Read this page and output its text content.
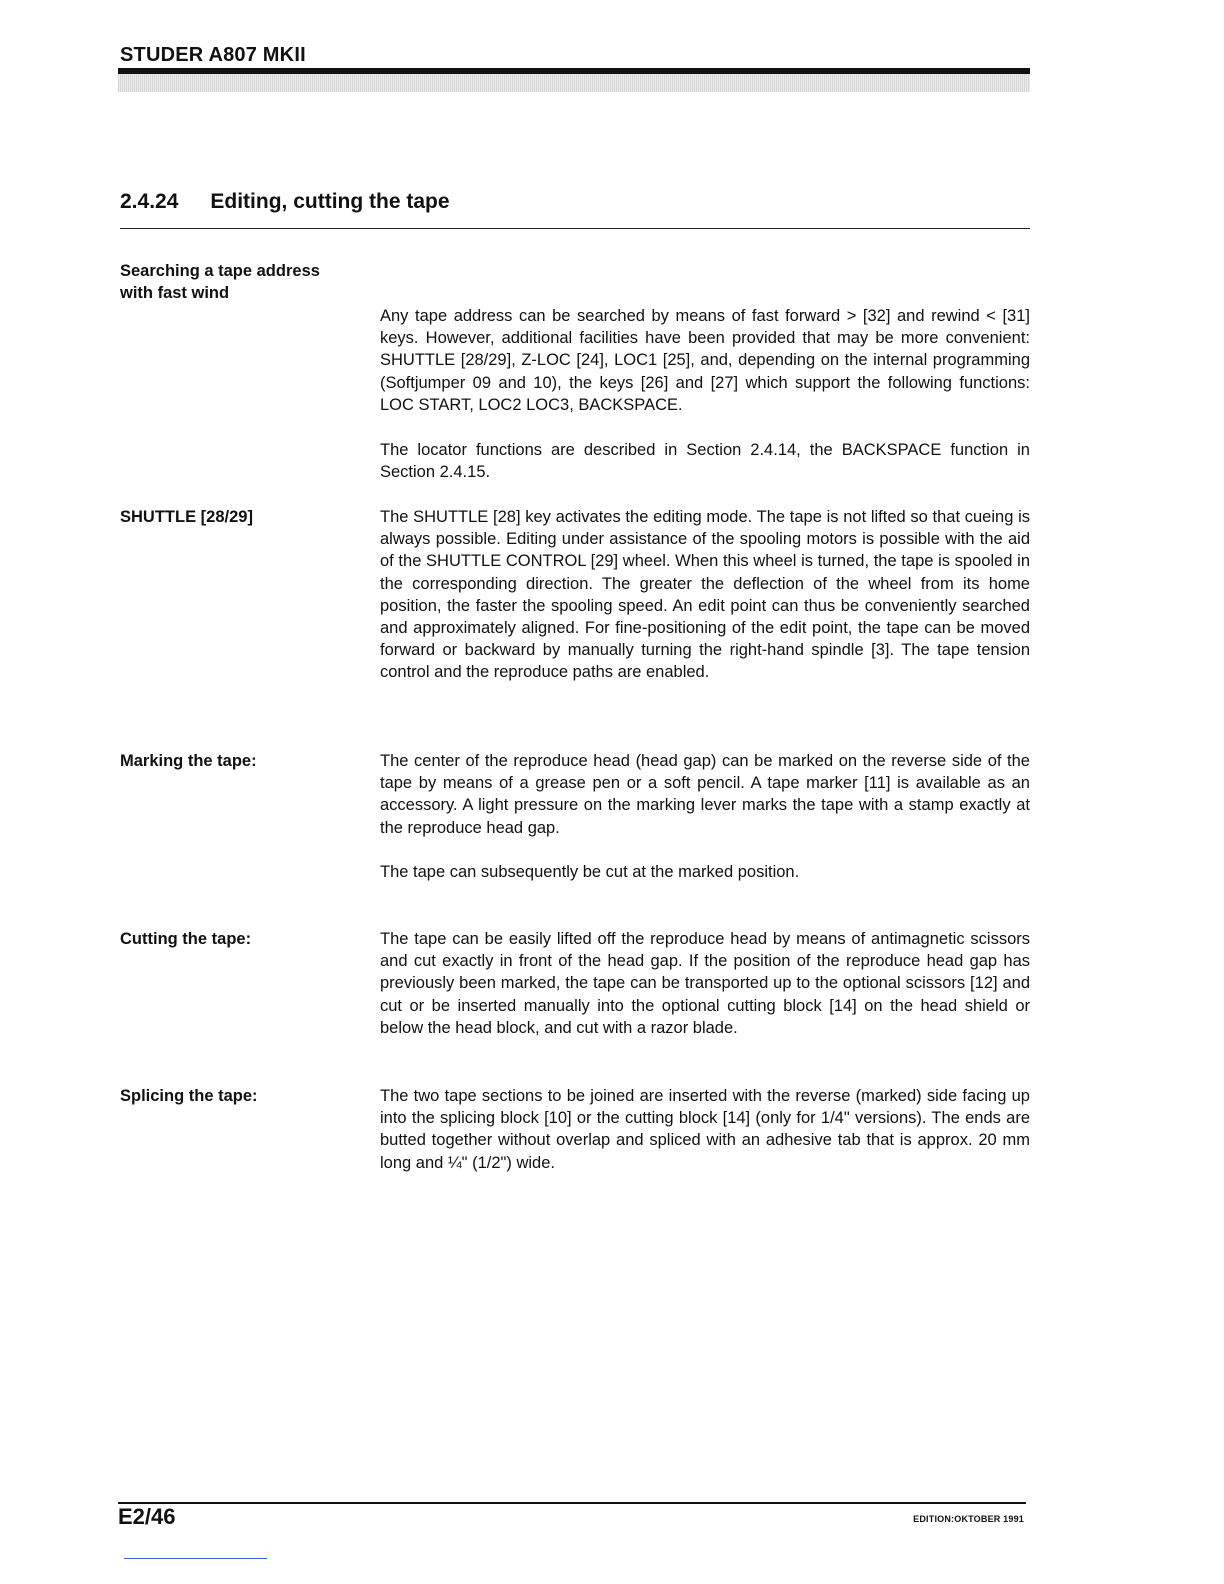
STUDER A807 MKII
2.4.24 Editing, cutting the tape
Searching a tape address
with fast wind

Any tape address can be searched by means of fast forward > [32] and rewind < [31] keys. However, additional facilities have been provided that may be more convenient: SHUTTLE [28/29], Z-LOC [24], LOC1 [25], and, depending on the internal programming (Softjumper 09 and 10), the keys [26] and [27] which support the following functions: LOC START, LOC2 LOC3, BACKSPACE.

The locator functions are described in Section 2.4.14, the BACKSPACE function in Section 2.4.15.

SHUTTLE [28/29]	The SHUTTLE [28] key activates the editing mode. The tape is not lifted so that cueing is always possible. Editing under assistance of the spooling motors is possible with the aid of the SHUTTLE CONTROL [29] wheel. When this wheel is turned, the tape is spooled in the corresponding direction. The greater the deflection of the wheel from its home position, the faster the spooling speed. An edit point can thus be conveniently searched and approximately aligned. For fine-positioning of the edit point, the tape can be moved forward or backward by manually turning the right-hand spindle [3]. The tape tension control and the reproduce paths are enabled.

Marking the tape:	The center of the reproduce head (head gap) can be marked on the reverse side of the tape by means of a grease pen or a soft pencil. A tape marker [11] is available as an accessory. A light pressure on the marking lever marks the tape with a stamp exactly at the reproduce head gap.

The tape can subsequently be cut at the marked position.

Cutting the tape:	The tape can be easily lifted off the reproduce head by means of antimagnetic scissors and cut exactly in front of the head gap. If the position of the reproduce head gap has previously been marked, the tape can be transported up to the optional scissors [12] and cut or be inserted manually into the optional cutting block [14] on the head shield or below the head block, and cut with a razor blade.

Splicing the tape:	The two tape sections to be joined are inserted with the reverse (marked) side facing up into the splicing block [10] or the cutting block [14] (only for 1/4" versions). The ends are butted together without overlap and spliced with an adhesive tab that is approx. 20 mm long and ¼" (1/2") wide.

E2/46	EDITION:OKTOBER 1991
